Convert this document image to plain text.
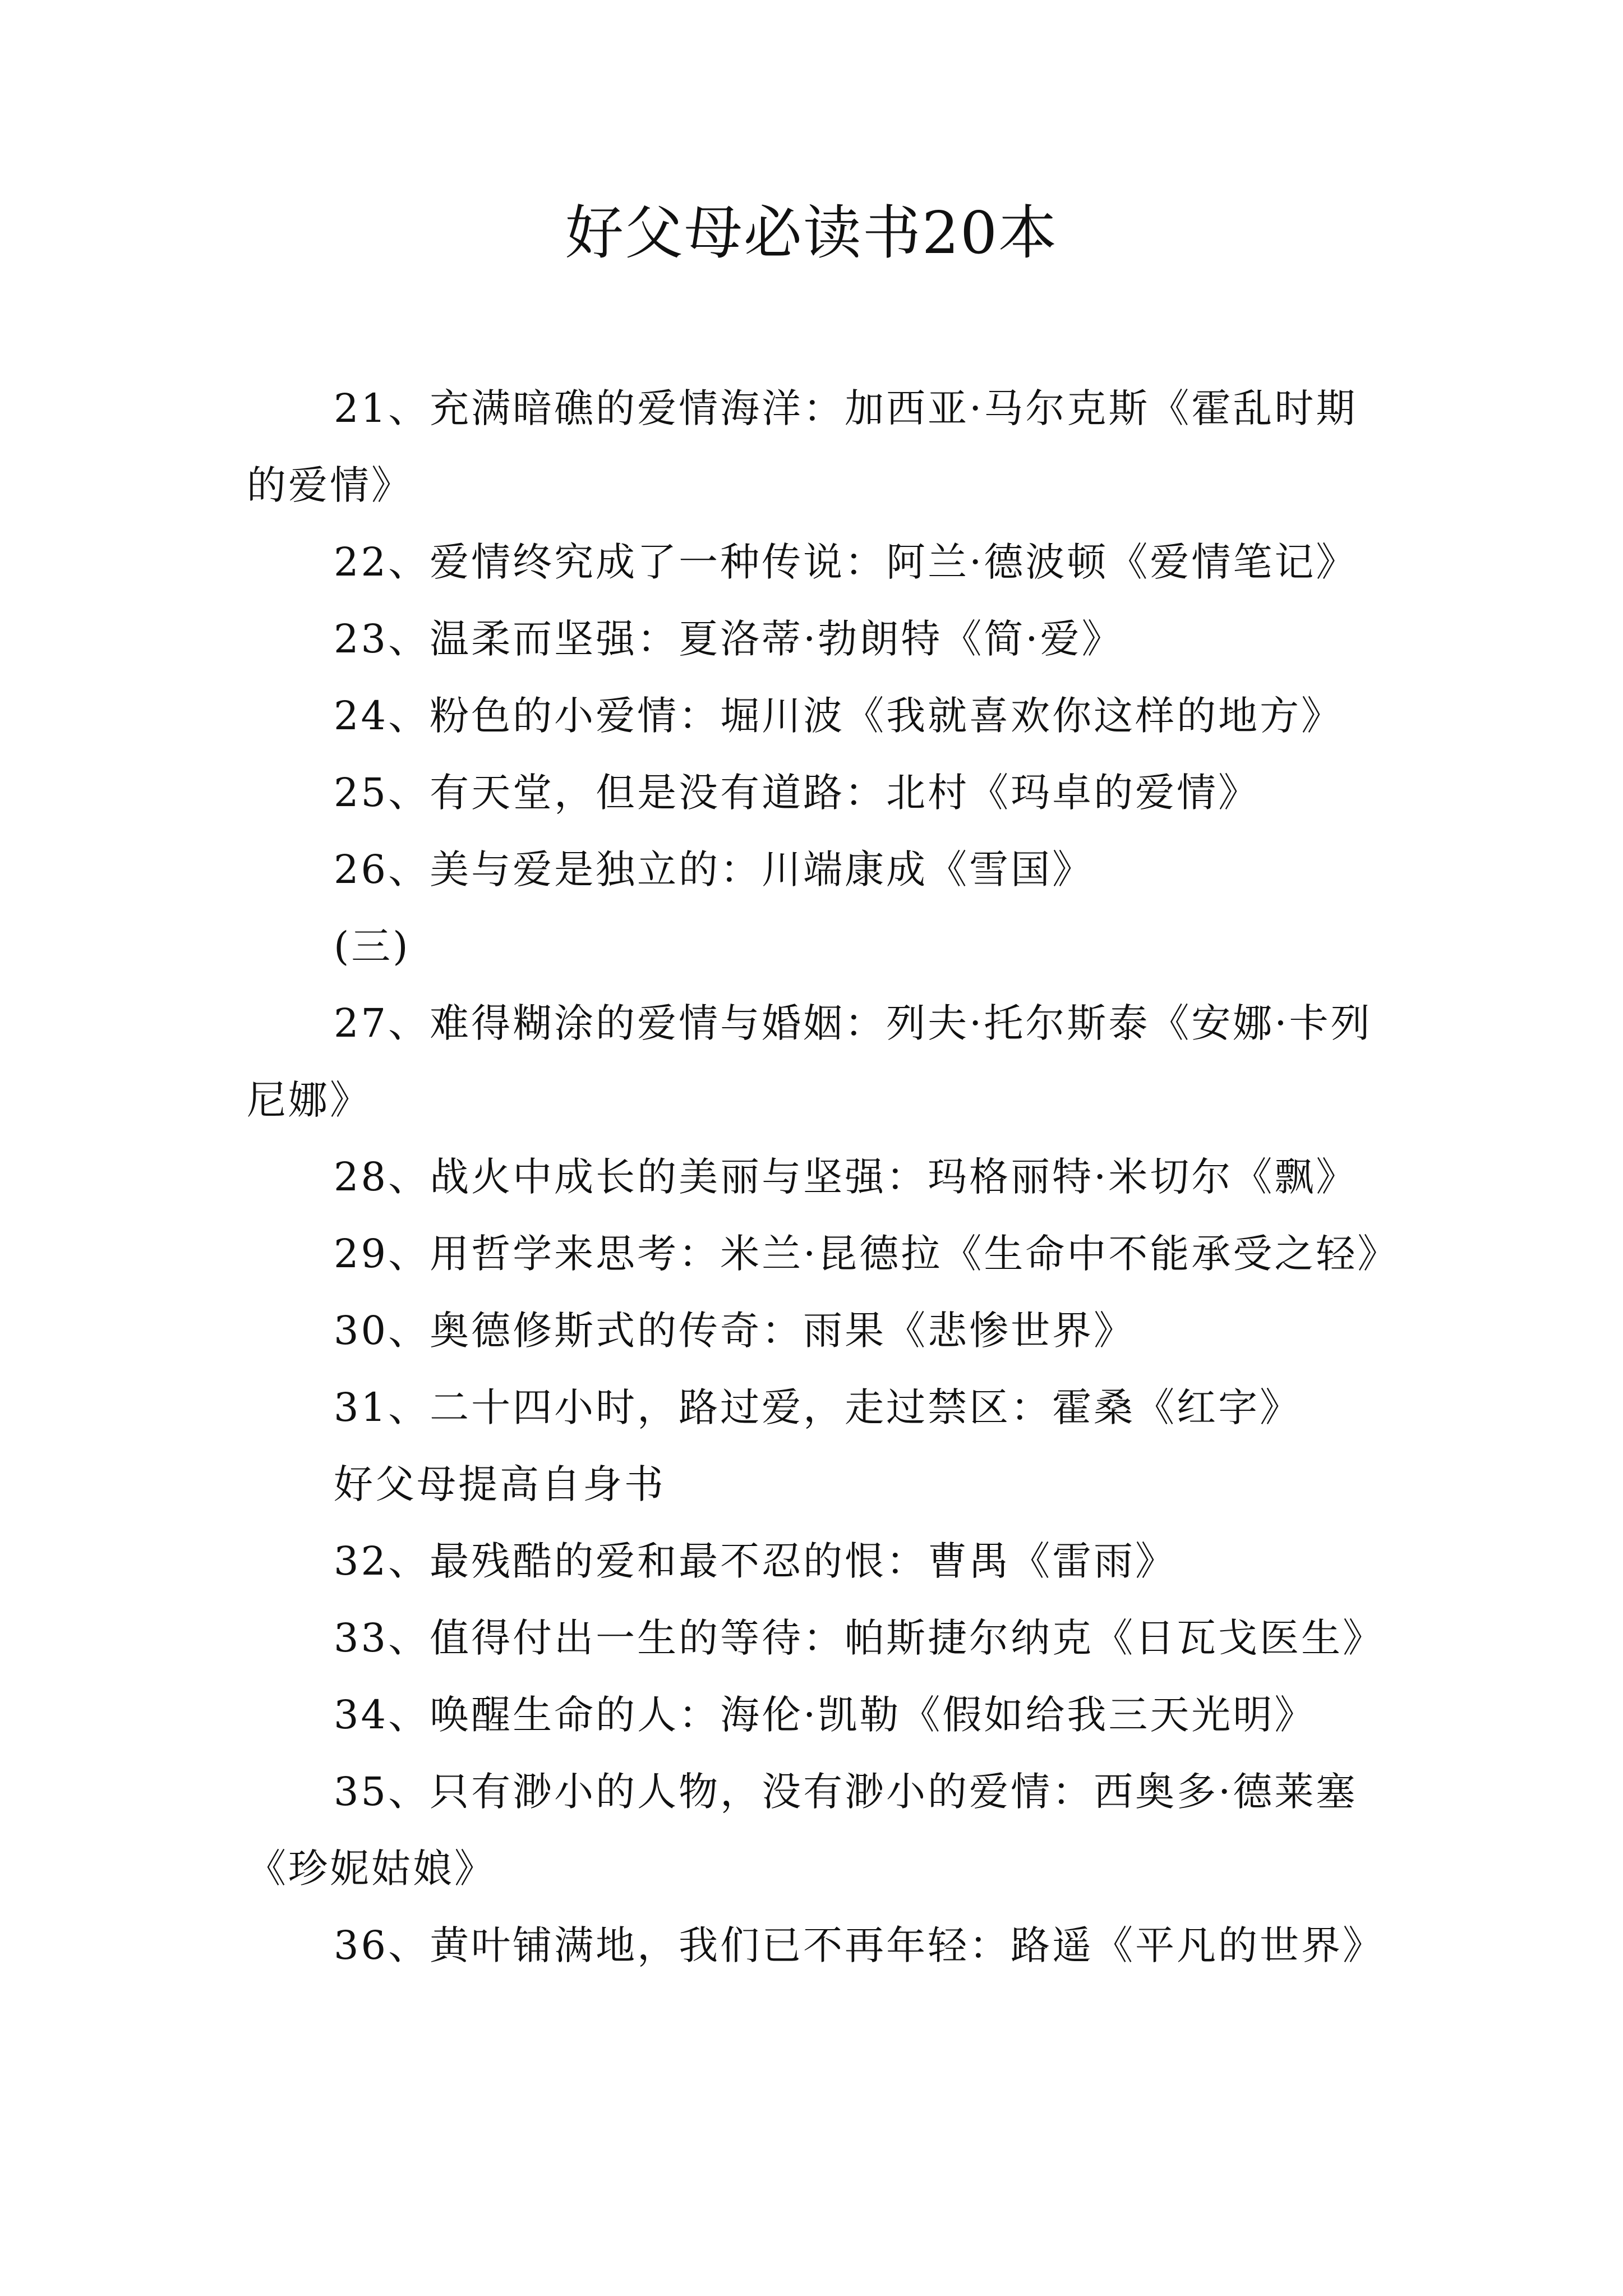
好父母必读书20本

21、充满暗礁的爱情海洋：加西亚·马尔克斯《霍乱时期的爱情》

22、爱情终究成了一种传说：阿兰·德波顿《爱情笔记》

23、温柔而坚强：夏洛蒂·勃朗特《简·爱》

24、粉色的小爱情：堀川波《我就喜欢你这样的地方》

25、有天堂，但是没有道路：北村《玛卓的爱情》

26、美与爱是独立的：川端康成《雪国》

(三)

27、难得糊涂的爱情与婚姻：列夫·托尔斯泰《安娜·卡列尼娜》

28、战火中成长的美丽与坚强：玛格丽特·米切尔《飘》

29、用哲学来思考：米兰·昆德拉《生命中不能承受之轻》

30、奥德修斯式的传奇：雨果《悲惨世界》

31、二十四小时，路过爱，走过禁区：霍桑《红字》

好父母提高自身书

32、最残酷的爱和最不忍的恨：曹禺《雷雨》

33、值得付出一生的等待：帕斯捷尔纳克《日瓦戈医生》

34、唤醒生命的人：海伦·凯勒《假如给我三天光明》

35、只有渺小的人物，没有渺小的爱情：西奥多·德莱塞《珍妮姑娘》

36、黄叶铺满地，我们已不再年轻：路遥《平凡的世界》
